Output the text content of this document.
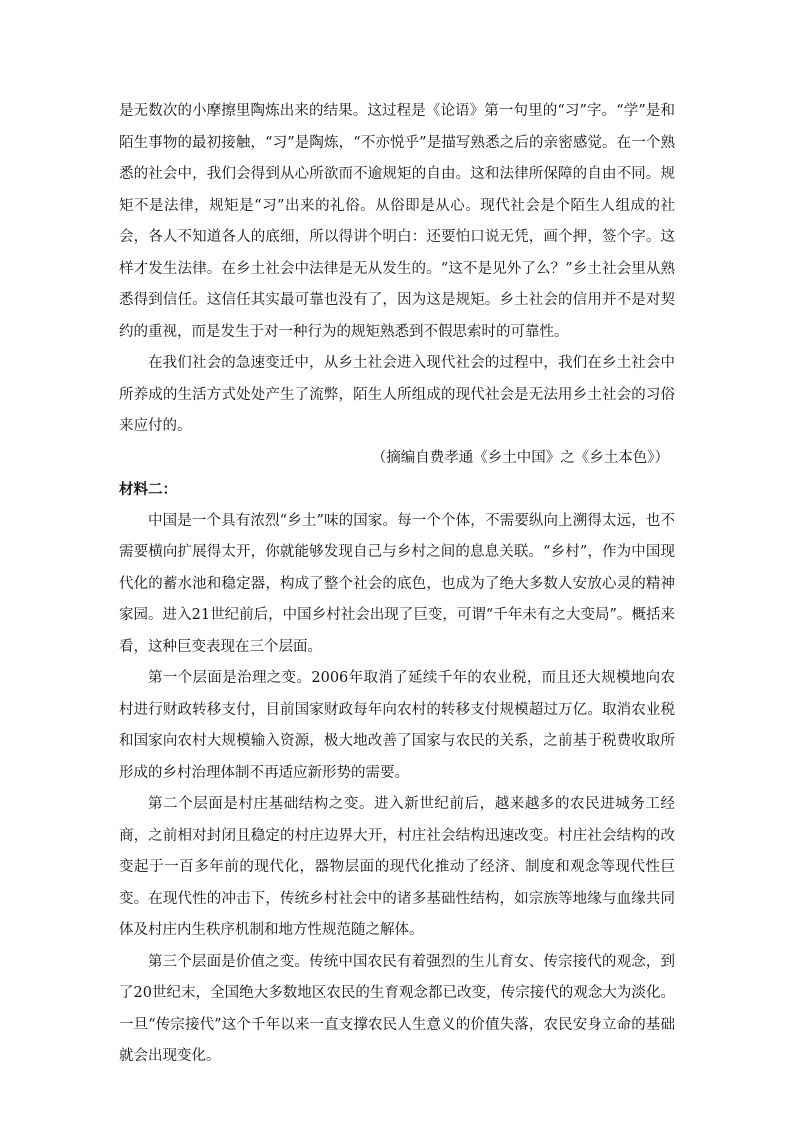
是无数次的小摩擦里陶炼出来的结果。这过程是《论语》第一句里的“习”字。“学”是和陌生事物的最初接触，“习”是陶炼，“不亦悦乎”是描写熟悉之后的亲密感觉。在一个熟悉的社会中，我们会得到从心所欲而不逾规矩的自由。这和法律所保障的自由不同。规矩不是法律，规矩是“习”出来的礼俗。从俗即是从心。现代社会是个陌生人组成的社会，各人不知道各人的底细，所以得讲个明白：还要怕口说无凭，画个押，签个字。这样才发生法律。在乡土社会中法律是无从发生的。“这不是见外了么？”乡土社会里从熟悉得到信任。这信任其实最可靠也没有了，因为这是规矩。乡土社会的信用并不是对契约的重视，而是发生于对一种行为的规矩熟悉到不假思索时的可靠性。

在我们社会的急速变迁中，从乡土社会进入现代社会的过程中，我们在乡土社会中所养成的生活方式处处产生了流弊，陌生人所组成的现代社会是无法用乡土社会的习俗来应付的。

（摘编自费孝通《乡土中国》之《乡土本色》）

材料二：

中国是一个具有浓烈“乡土”味的国家。每一个个体，不需要纵向上溯得太远，也不需要横向扩展得太开，你就能够发现自己与乡村之间的息息关联。“乡村”，作为中国现代化的蓄水池和稳定器，构成了整个社会的底色，也成为了绝大多数人安放心灵的精神家园。进入21世纪前后，中国乡村社会出现了巨变，可谓“千年未有之大变局”。概括来看，这种巨变表现在三个层面。

第一个层面是治理之变。2006年取消了延续千年的农业税，而且还大规模地向农村进行财政转移支付，目前国家财政每年向农村的转移支付规模超过万亿。取消农业税和国家向农村大规模输入资源，极大地改善了国家与农民的关系，之前基于税费收取所形成的乡村治理体制不再适应新形势的需要。

第二个层面是村庄基础结构之变。进入新世纪前后，越来越多的农民进城务工经商，之前相对封闭且稳定的村庄边界大开，村庄社会结构迅速改变。村庄社会结构的改变起于一百多年前的现代化，器物层面的现代化推动了经济、制度和观念等现代性巨变。在现代性的冲击下，传统乡村社会中的诸多基础性结构，如宗族等地缘与血缘共同体及村庄内生秩序机制和地方性规范随之解体。

第三个层面是价值之变。传统中国农民有着强烈的生儿育女、传宗接代的观念，到了20世纪末，全国绝大多数地区农民的生育观念都已改变，传宗接代的观念大为淡化。一旦“传宗接代”这个千年以来一直支撑农民人生意义的价值失落，农民安身立命的基础就会出现变化。
